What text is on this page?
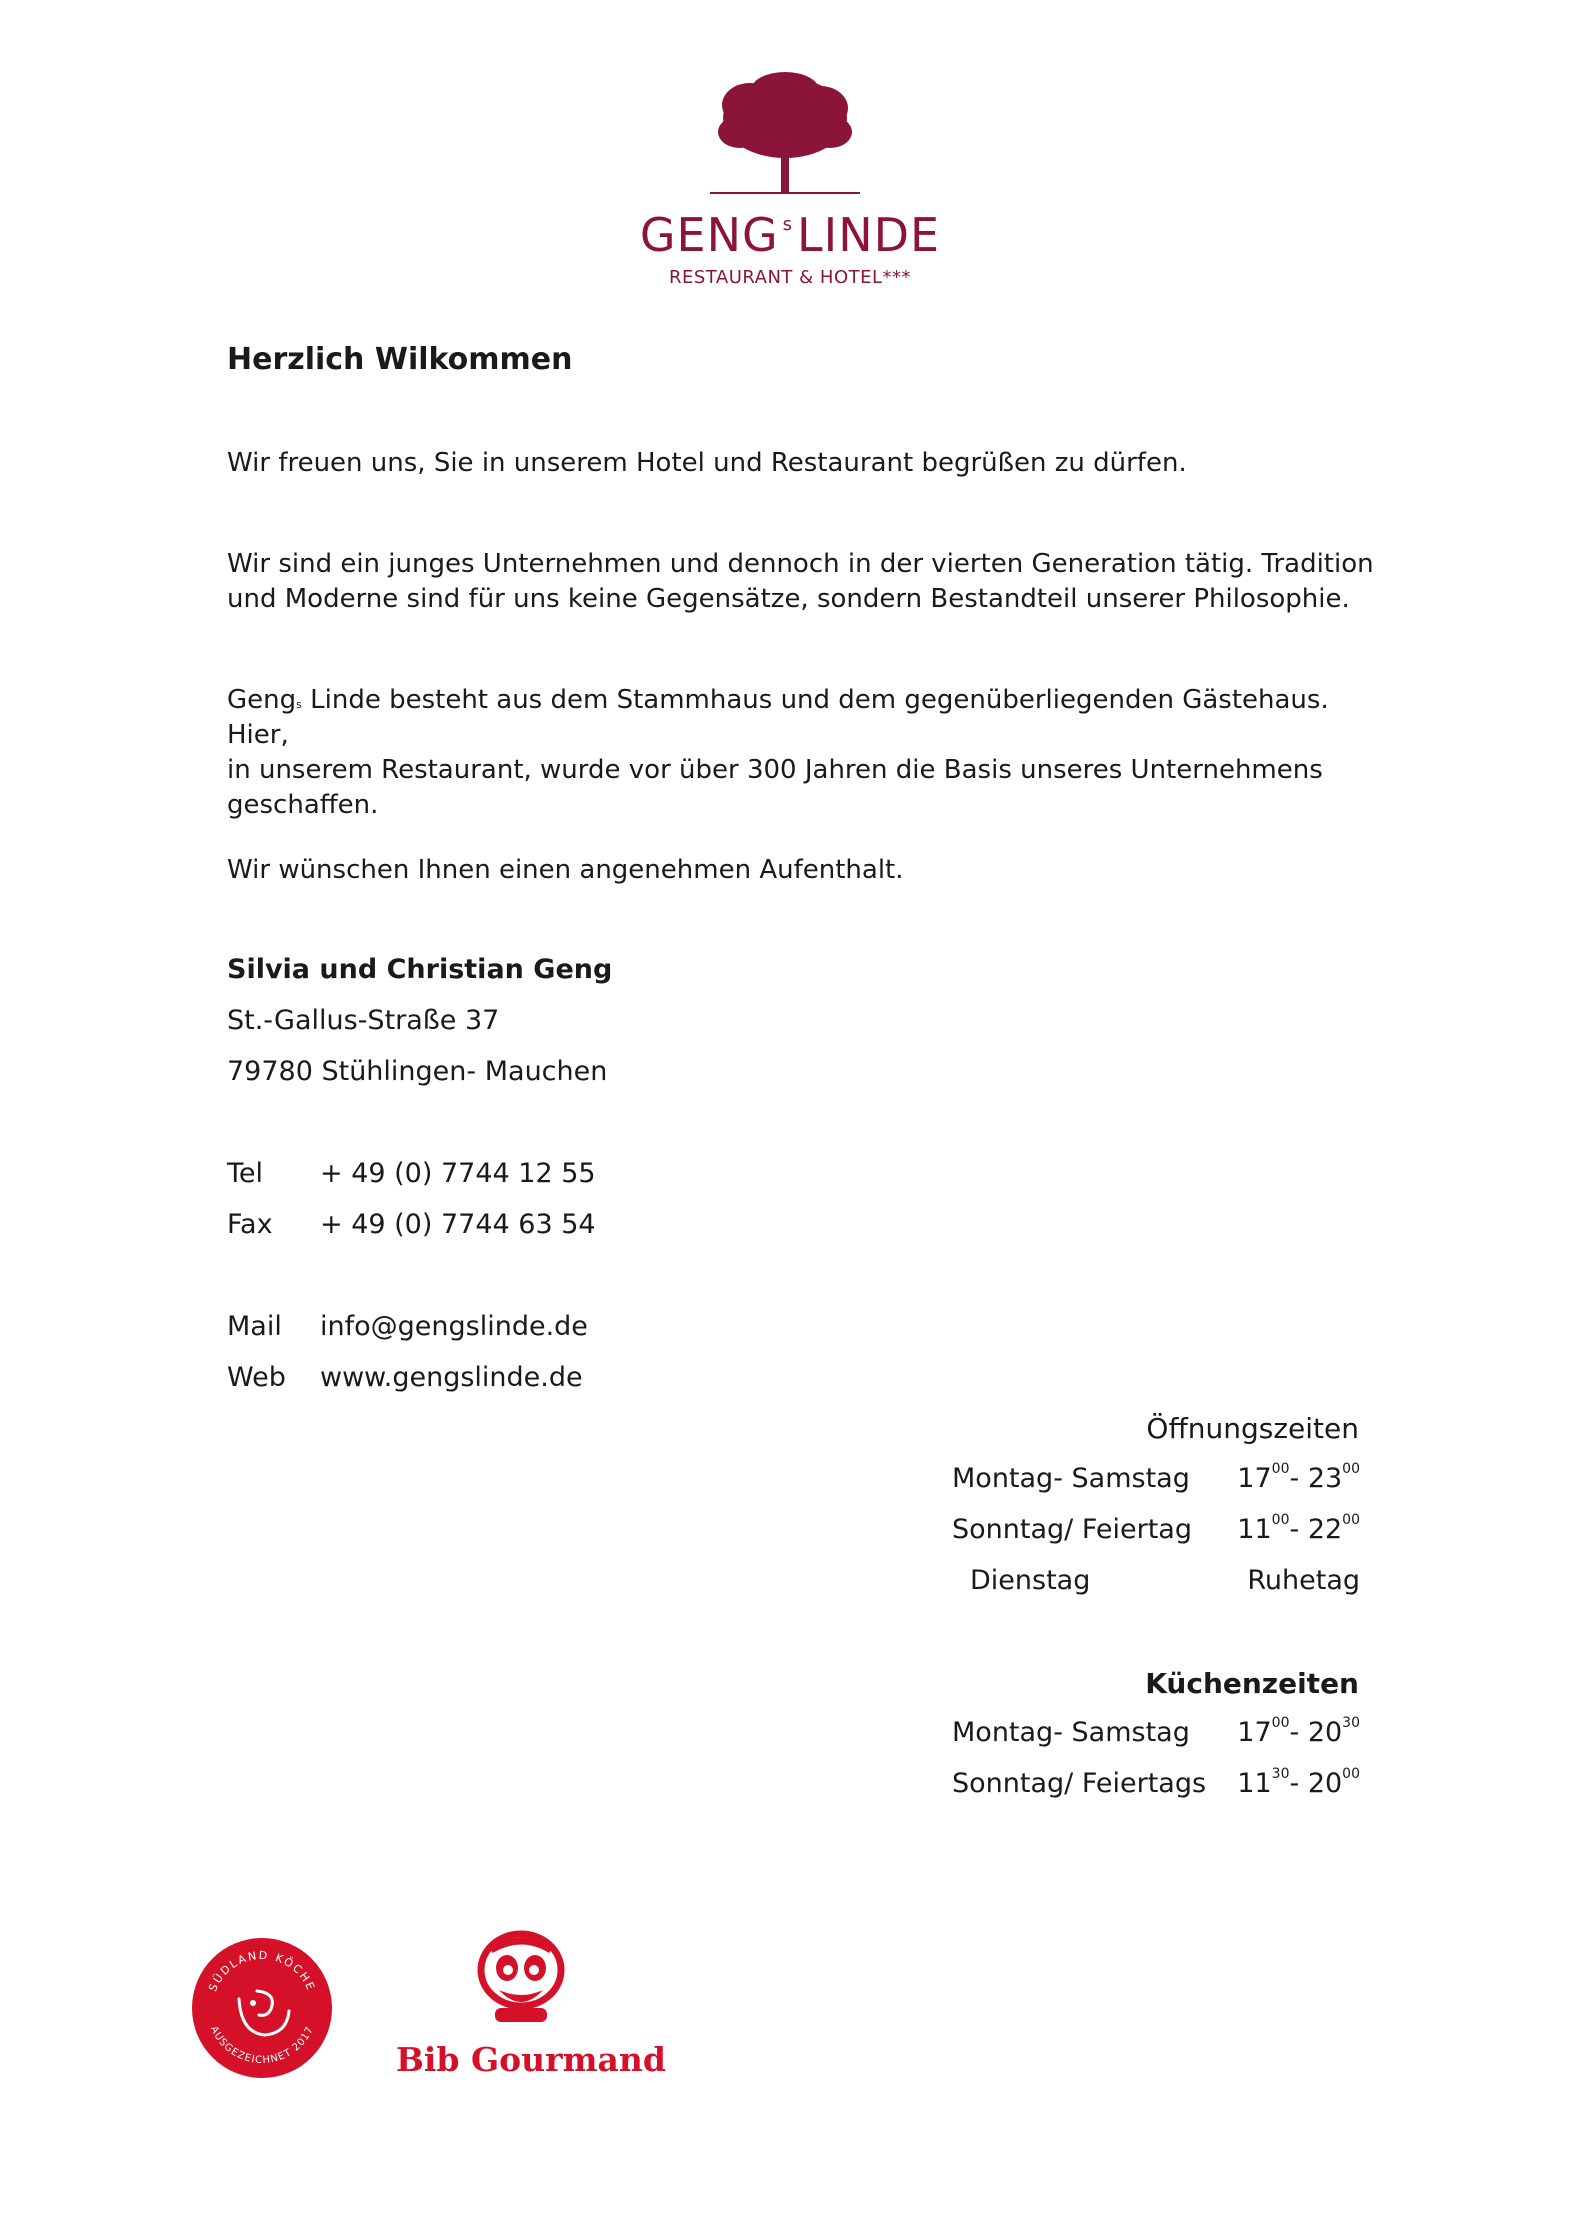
GENG $^s$LINDE
RESTAURANT & HOTEL***
Herzlich Wilkommen
Wir freuen uns, Sie in unserem Hotel und Restaurant begrüßen zu dürfen.
Wir sind ein junges Unternehmen und dennoch in der vierten Generation tätig. Tradition
und Moderne sind für uns keine Gegensätze, sondern Bestandteil unserer Philosophie.
Geng$^s$ Linde besteht aus dem Stammhaus und dem gegenüberliegenden Gästehaus. Hier,
in unserem Restaurant, wurde vor über 300 Jahren die Basis unseres Unternehmens
geschaffen.
Wir wünschen Ihnen einen angenehmen Aufenthalt.
Silvia und Christian Geng
St.-Gallus-Straße 37
79780 Stühlingen- Mauchen
Tel + 49 (0) 7744 12 55
Fax + 49 (0) 7744 63 54
Mail info@gengslinde.de
Web www.gengslinde.de
Öffnungszeiten
Montag- Samstag $17^{00}-$ $23^{00}$
Sonntag/ Feiertag $11^{00}-$ $22^{00}$
Dienstag	Ruhetag
Küchenzeiten
Montag- Samstag $17^{00}-$ $20^{30}$
Sonntag/ Feiertags $11^{30}-$ $20^{00}$
SÜDLAND KÖCHE
AUSGEZEICHNET 2017
Bib Gourmand
